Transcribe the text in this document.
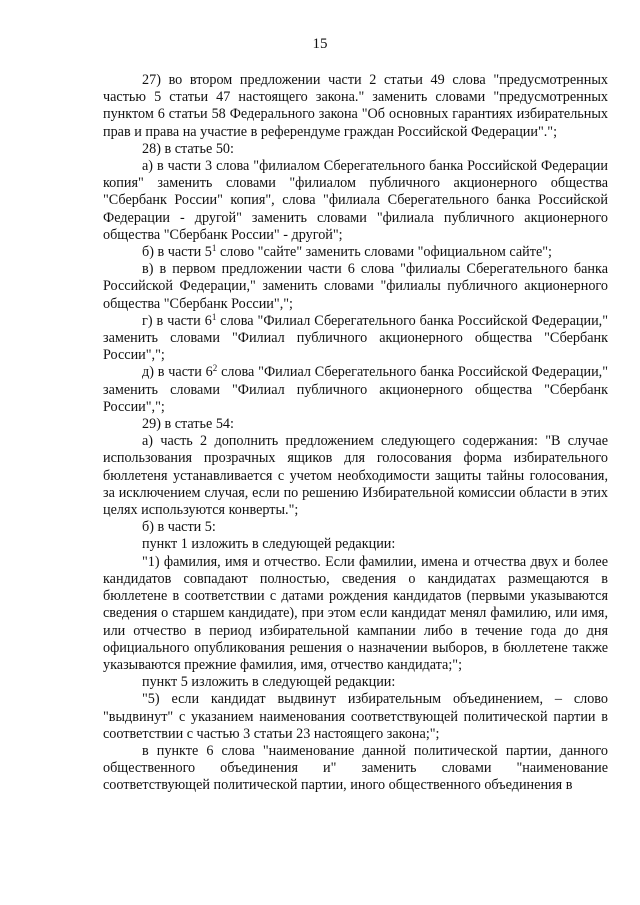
15

27) во втором предложении части 2 статьи 49 слова "предусмотренных частью 5 статьи 47 настоящего закона." заменить словами "предусмотренных пунктом 6 статьи 58 Федерального закона "Об основных гарантиях избирательных прав и права на участие в референдуме граждан Российской Федерации".";

28) в статье 50:

а) в части 3 слова "филиалом Сберегательного банка Российской Федерации копия" заменить словами "филиалом публичного акционерного общества "Сбербанк России" копия", слова "филиала Сберегательного банка Российской Федерации - другой" заменить словами "филиала публичного акционерного общества "Сбербанк России" - другой";

б) в части $5^1$ слово "сайте" заменить словами "официальном сайте";

в) в первом предложении части 6 слова "филиалы Сберегательного банка Российской Федерации," заменить словами "филиалы публичного акционерного общества "Сбербанк России",";

г) в части $6^1$ слова "Филиал Сберегательного банка Российской Федерации," заменить словами "Филиал публичного акционерного общества "Сбербанк России",";

д) в части $6^2$ слова "Филиал Сберегательного банка Российской Федерации," заменить словами "Филиал публичного акционерного общества "Сбербанк России",";

29) в статье 54:

а) часть 2 дополнить предложением следующего содержания: "В случае использования прозрачных ящиков для голосования форма избирательного бюллетеня устанавливается с учетом необходимости защиты тайны голосования, за исключением случая, если по решению Избирательной комиссии области в этих целях используются конверты.";

б) в части 5:

пункт 1 изложить в следующей редакции:

"1) фамилия, имя и отчество. Если фамилии, имена и отчества двух и более кандидатов совпадают полностью, сведения о кандидатах размещаются в бюллетене в соответствии с датами рождения кандидатов (первыми указываются сведения о старшем кандидате), при этом если кандидат менял фамилию, или имя, или отчество в период избирательной кампании либо в течение года до дня официального опубликования решения о назначении выборов, в бюллетене также указываются прежние фамилия, имя, отчество кандидата;";

пункт 5 изложить в следующей редакции:

"5) если кандидат выдвинут избирательным объединением, – слово "выдвинут" с указанием наименования соответствующей политической партии в соответствии с частью 3 статьи 23 настоящего закона;";

в пункте 6 слова "наименование данной политической партии, данного общественного объединения и" заменить словами "наименование соответствующей политической партии, иного общественного объединения в
